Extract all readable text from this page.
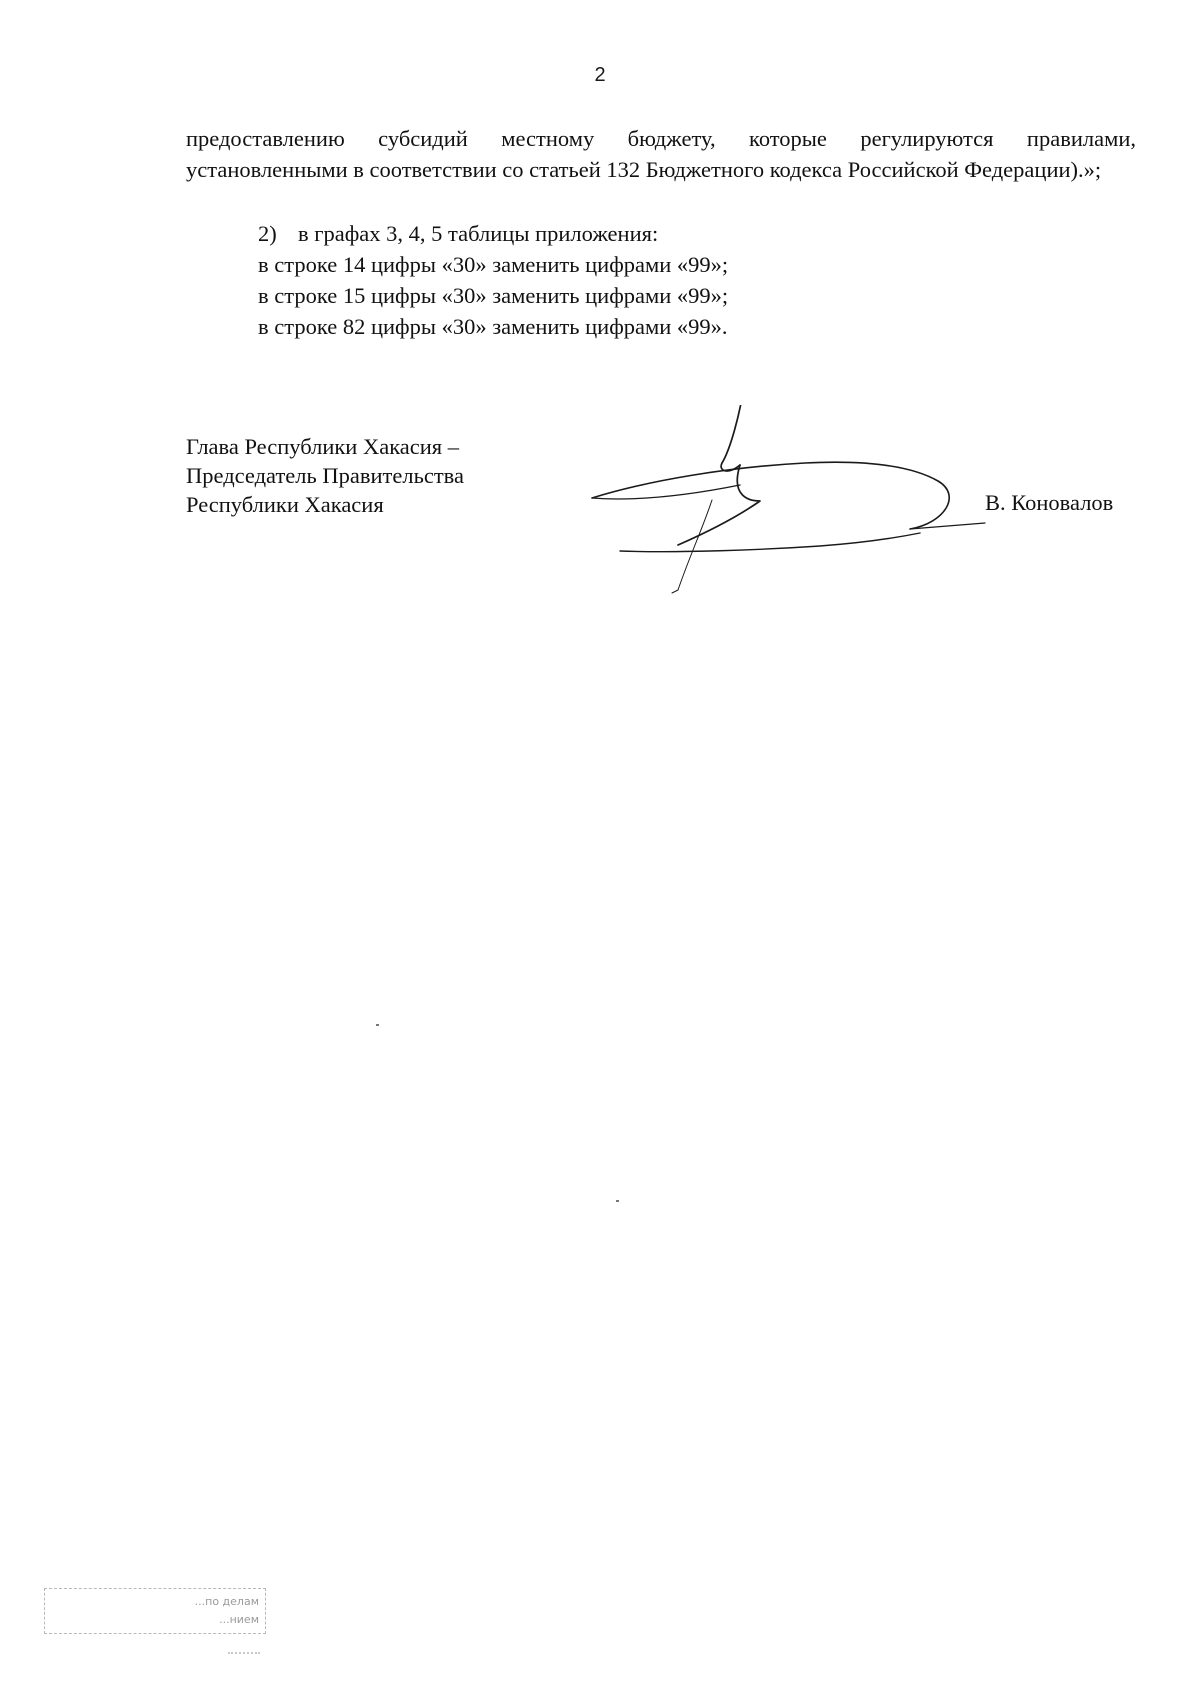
2
предоставлению субсидий местному бюджету, которые регулируются правилами, установленными в соответствии со статьей 132 Бюджетного кодекса Российской Федерации).»;
2) в графах 3, 4, 5 таблицы приложения:
в строке 14 цифры «30» заменить цифрами «99»;
в строке 15 цифры «30» заменить цифрами «99»;
в строке 82 цифры «30» заменить цифрами «99».
Глава Республики Хакасия –
Председатель Правительства
Республики Хакасия	В. Коновалов
...по делам
...нием
